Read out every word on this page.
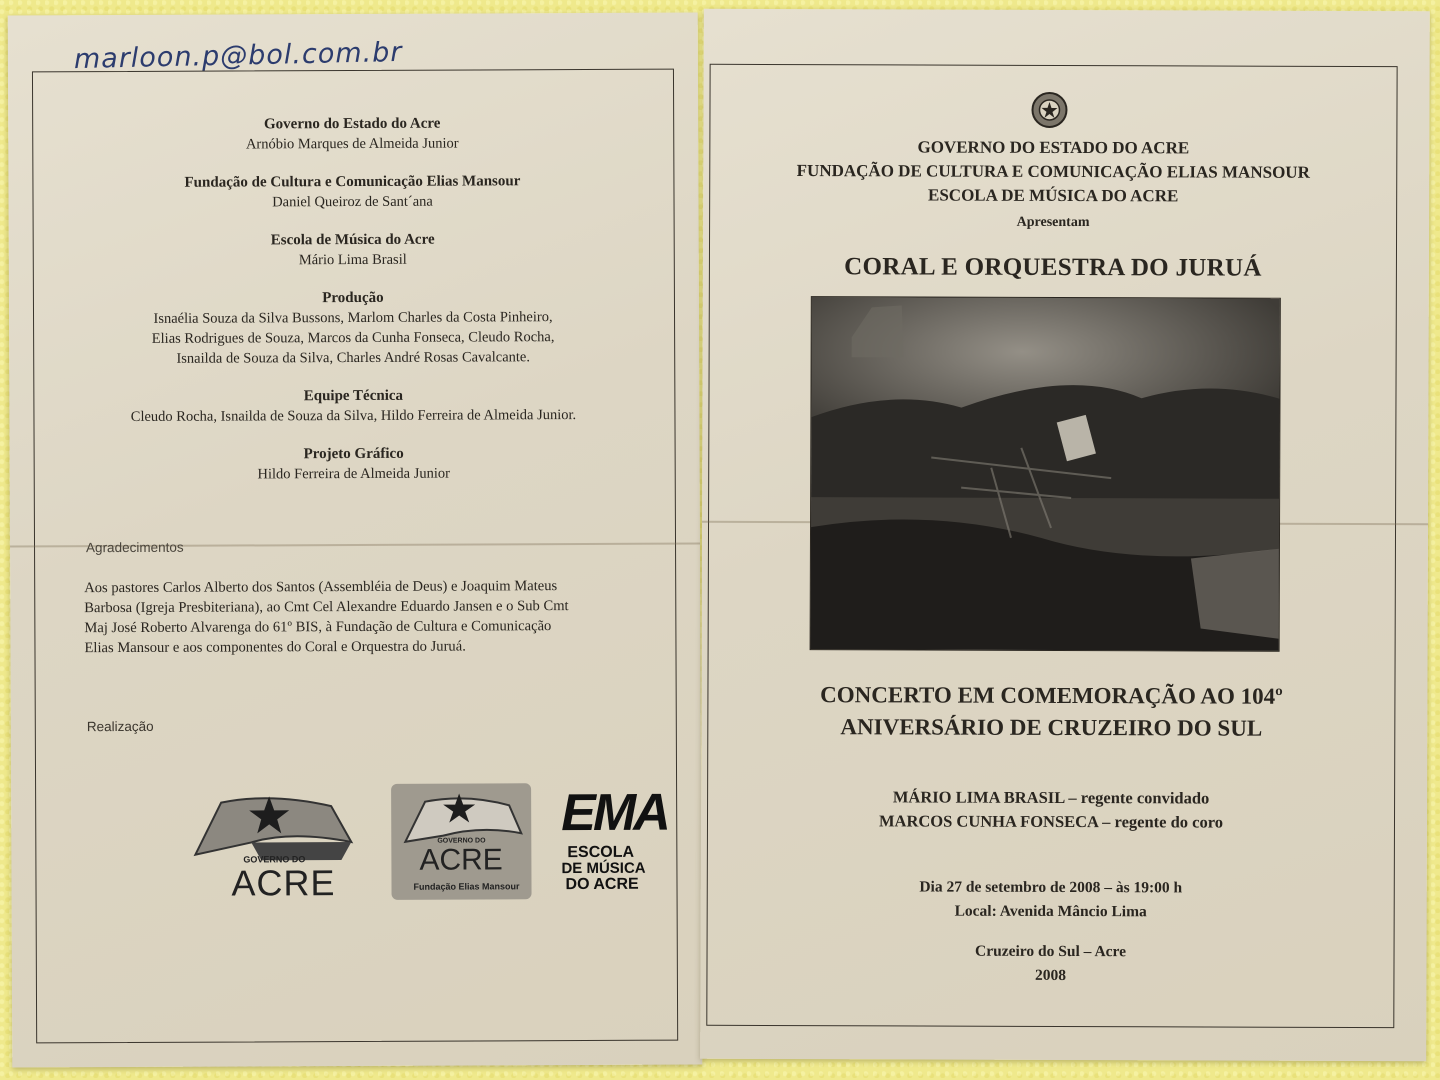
marloon.p@bol.com.br
Governo do Estado do Acre
Arnóbio Marques de Almeida Junior
Fundação de Cultura e Comunicação Elias Mansour
Daniel Queiroz de Sant´ana
Escola de Música do Acre
Mário Lima Brasil
Produção
Isnaélia Souza da Silva Bussons, Marlom Charles da Costa Pinheiro,
Elias Rodrigues de Souza, Marcos da Cunha Fonseca, Cleudo Rocha,
Isnailda de Souza da Silva, Charles André Rosas Cavalcante.
Equipe Técnica
Cleudo Rocha, Isnailda de Souza da Silva, Hildo Ferreira de Almeida Junior.
Projeto Gráfico
Hildo Ferreira de Almeida Junior
Agradecimentos
Aos pastores Carlos Alberto dos Santos (Assembléia de Deus) e Joaquim Mateus
Barbosa (Igreja Presbiteriana), ao Cmt Cel Alexandre Eduardo Jansen e o Sub Cmt
Maj José Roberto Alvarenga do 61º BIS, à Fundação de Cultura e Comunicação
Elias Mansour e aos componentes do Coral e Orquestra do Juruá.
Realização
GOVERNO DO
ACRE
GOVERNO DO
ACRE
Fundação Elias Mansour
EMA
ESCOLA
DE MÚSICA
DO ACRE
GOVERNO DO ESTADO DO ACRE
FUNDAÇÃO DE CULTURA E COMUNICAÇÃO ELIAS MANSOUR
ESCOLA DE MÚSICA DO ACRE
Apresentam
CORAL E ORQUESTRA DO JURUÁ
CONCERTO EM COMEMORAÇÃO AO 104º
ANIVERSÁRIO DE CRUZEIRO DO SUL
MÁRIO LIMA BRASIL – regente convidado
MARCOS CUNHA FONSECA – regente do coro
Dia 27 de setembro de 2008 – às 19:00 h
Local: Avenida Mâncio Lima
Cruzeiro do Sul – Acre
2008
